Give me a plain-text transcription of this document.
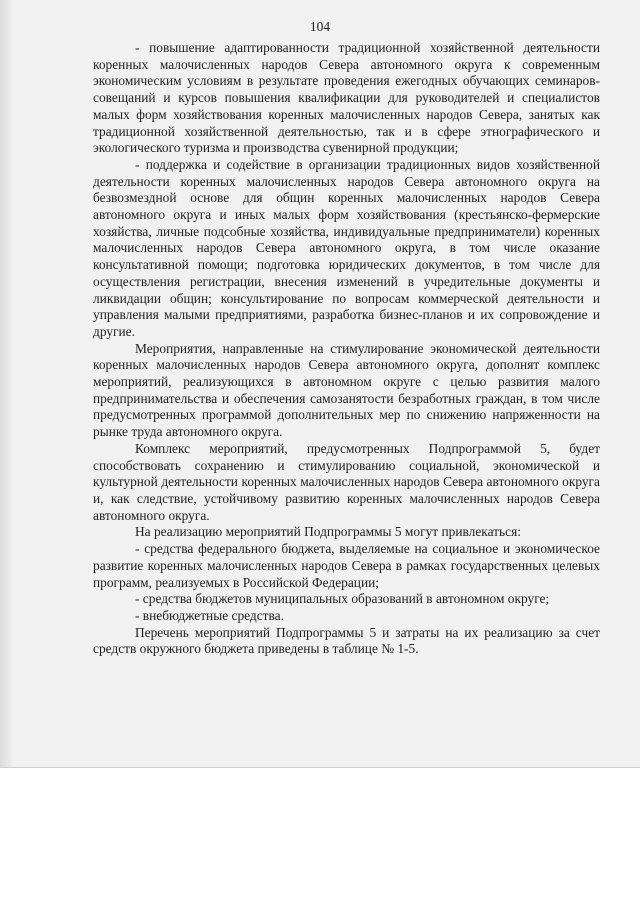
104

- повышение адаптированности традиционной хозяйственной деятельности коренных малочисленных народов Севера автономного округа к современным экономическим условиям в результате проведения ежегодных обучающих семинаров-совещаний и курсов повышения квалификации для руководителей и специалистов малых форм хозяйствования коренных малочисленных народов Севера, занятых как традиционной хозяйственной деятельностью, так и в сфере этнографического и экологического туризма и производства сувенирной продукции;

- поддержка и содействие в организации традиционных видов хозяйственной деятельности коренных малочисленных народов Севера автономного округа на безвозмездной основе для общин коренных малочисленных народов Севера автономного округа и иных малых форм хозяйствования (крестьянско-фермерские хозяйства, личные подсобные хозяйства, индивидуальные предприниматели) коренных малочисленных народов Севера автономного округа, в том числе оказание консультативной помощи; подготовка юридических документов, в том числе для осуществления регистрации, внесения изменений в учредительные документы и ликвидации общин; консультирование по вопросам коммерческой деятельности и управления малыми предприятиями, разработка бизнес-планов и их сопровождение и другие.

Мероприятия, направленные на стимулирование экономической деятельности коренных малочисленных народов Севера автономного округа, дополнят комплекс мероприятий, реализующихся в автономном округе с целью развития малого предпринимательства и обеспечения самозанятости безработных граждан, в том числе предусмотренных программой дополнительных мер по снижению напряженности на рынке труда автономного округа.

Комплекс мероприятий, предусмотренных Подпрограммой 5, будет способствовать сохранению и стимулированию социальной, экономической и культурной деятельности коренных малочисленных народов Севера автономного округа и, как следствие, устойчивому развитию коренных малочисленных народов Севера автономного округа.

На реализацию мероприятий Подпрограммы 5 могут привлекаться:

- средства федерального бюджета, выделяемые на социальное и экономическое развитие коренных малочисленных народов Севера в рамках государственных целевых программ, реализуемых в Российской Федерации;

- средства бюджетов муниципальных образований в автономном округе;

- внебюджетные средства.

Перечень мероприятий Подпрограммы 5 и затраты на их реализацию за счет средств окружного бюджета приведены в таблице № 1-5.
